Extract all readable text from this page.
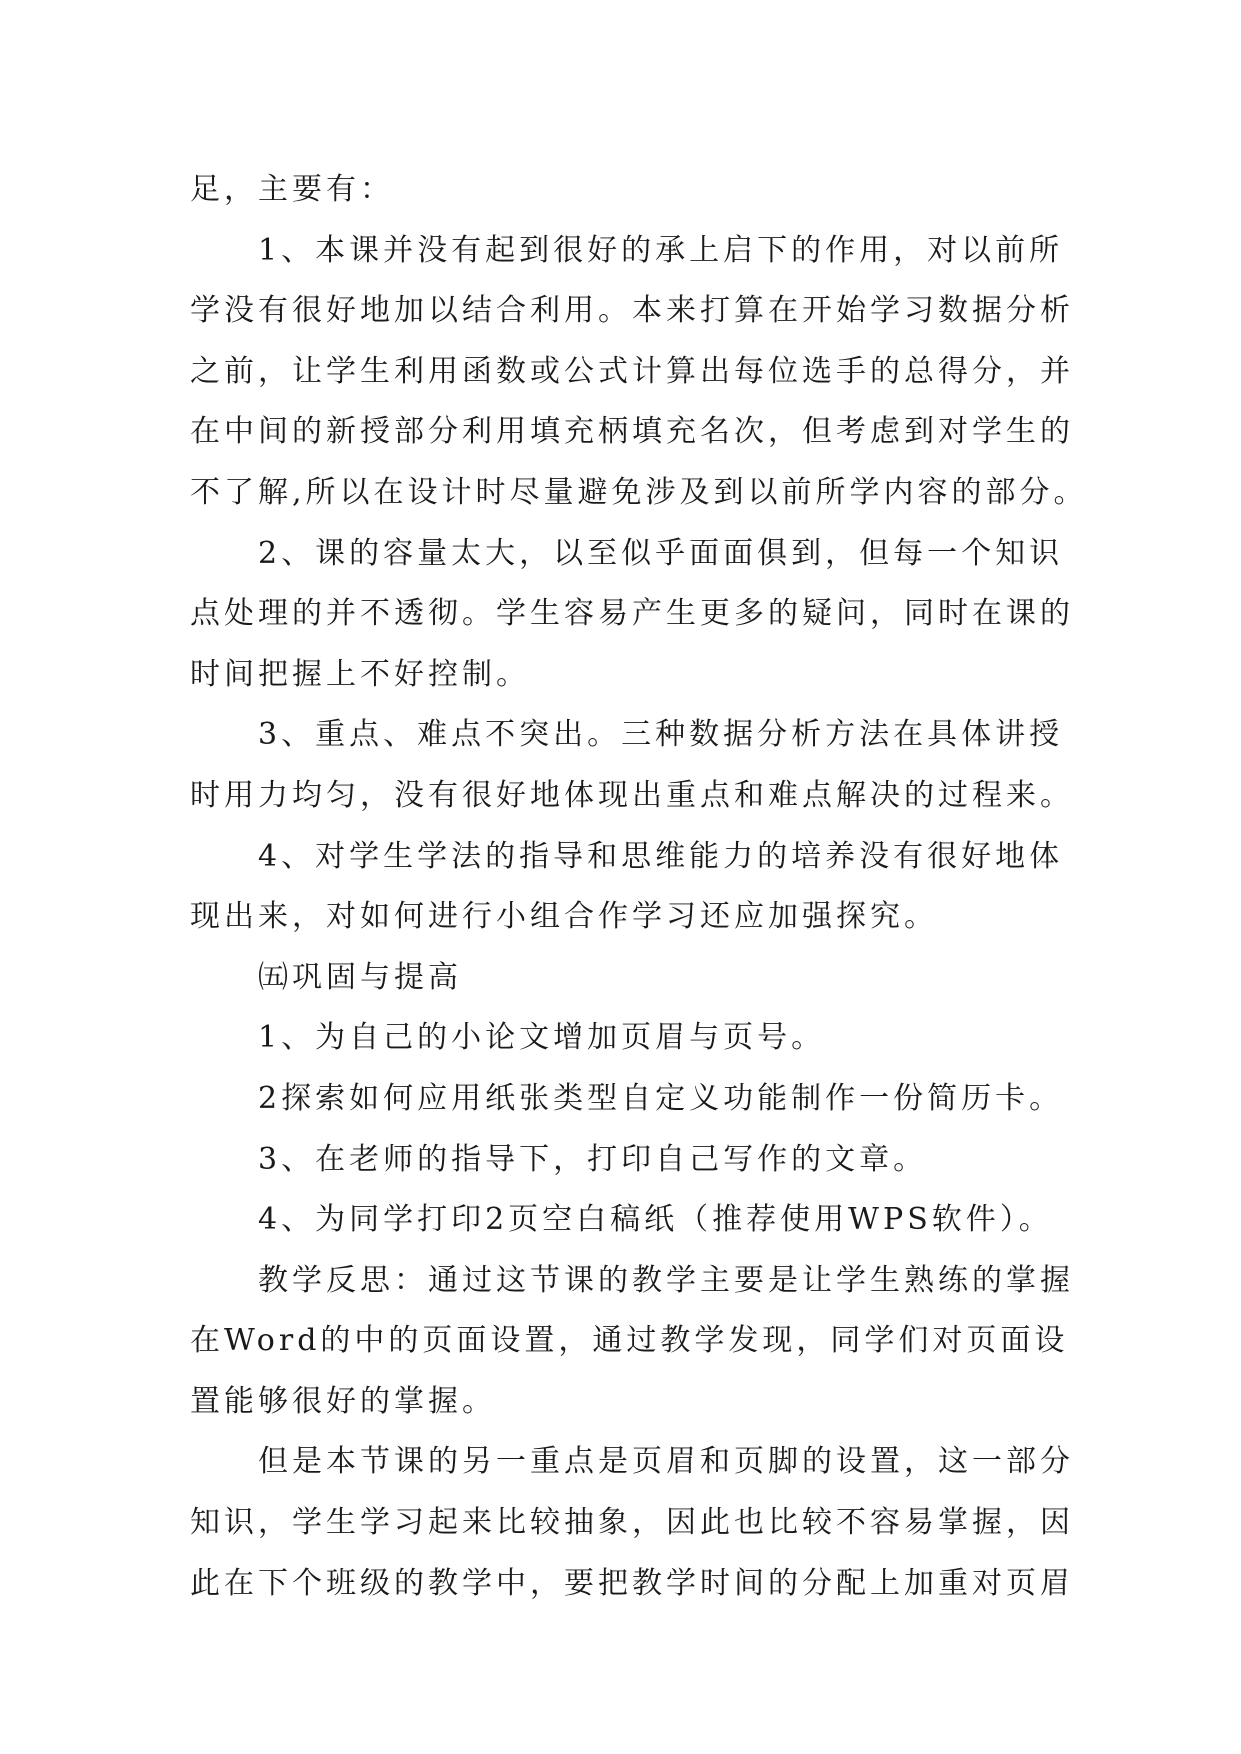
足，主要有：
1、本课并没有起到很好的承上启下的作用，对以前所
学没有很好地加以结合利用。本来打算在开始学习数据分析
之前，让学生利用函数或公式计算出每位选手的总得分，并
在中间的新授部分利用填充柄填充名次，但考虑到对学生的
不了解,所以在设计时尽量避免涉及到以前所学内容的部分。
2、课的容量太大，以至似乎面面俱到，但每一个知识
点处理的并不透彻。学生容易产生更多的疑问，同时在课的
时间把握上不好控制。
3、重点、难点不突出。三种数据分析方法在具体讲授
时用力均匀，没有很好地体现出重点和难点解决的过程来。
4、对学生学法的指导和思维能力的培养没有很好地体
现出来，对如何进行小组合作学习还应加强探究。
㈤巩固与提高
1、为自己的小论文增加页眉与页号。
2探索如何应用纸张类型自定义功能制作一份简历卡。
3、在老师的指导下，打印自己写作的文章。
4、为同学打印2页空白稿纸（推荐使用WPS软件）。
教学反思：通过这节课的教学主要是让学生熟练的掌握
在Word的中的页面设置，通过教学发现，同学们对页面设
置能够很好的掌握。
但是本节课的另一重点是页眉和页脚的设置，这一部分
知识，学生学习起来比较抽象，因此也比较不容易掌握，因
此在下个班级的教学中，要把教学时间的分配上加重对页眉
